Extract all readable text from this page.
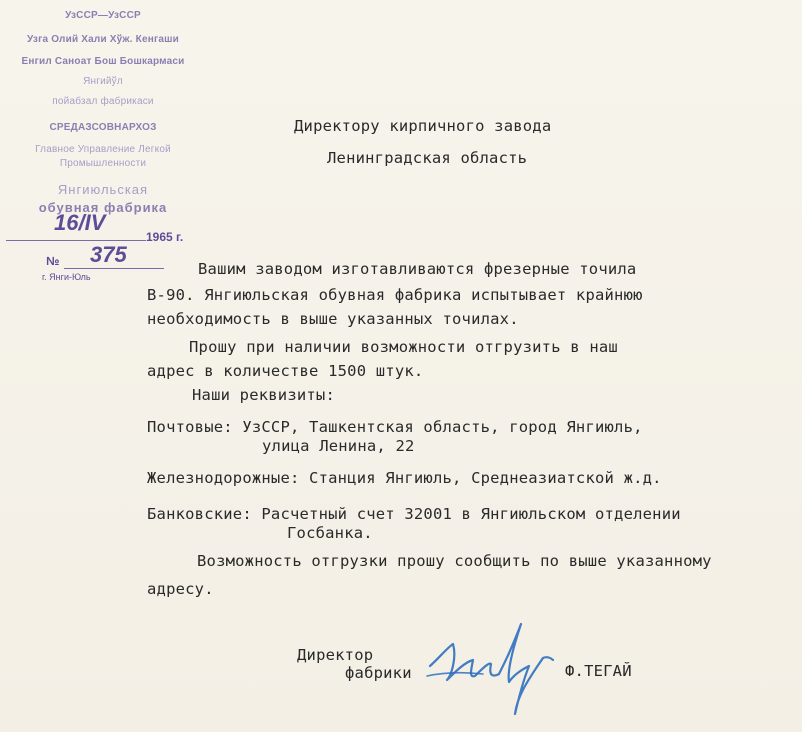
УзССР—УзССР
Узга Олий Хали Хўж. Кенгаши
Енгил Саноат Бош Бошкармаси
Янгийўл
пойабзал фабрикаси
СРЕДАЗСОВНАРХОЗ
Главное Управление Легкой
Промышленности
Янгиюльская
обувная фабрика
16/IV
1965 г.
№ 375
г. Янги-Юль
Директору кирпичного завода
Ленинградская область
Вашим заводом изготавливаются фрезерные точила
В-90. Янгиюльская обувная фабрика испытывает крайнюю
необходимость в выше указанных точилах.
Прошу при наличии возможности отгрузить в наш
адрес в количестве 1500 штук.
Наши реквизиты:
Почтовые: УзССР, Ташкентская область, город Янгиюль,
улица Ленина, 22
Железнодорожные: Станция Янгиюль, Среднеазиатской ж.д.
Банковские: Расчетный счет 32001 в Янгиюльском отделении
Госбанка.
Возможность отгрузки прошу сообщить по выше указанному
адресу.
Директор
фабрики	Ф.ТЕГАЙ
